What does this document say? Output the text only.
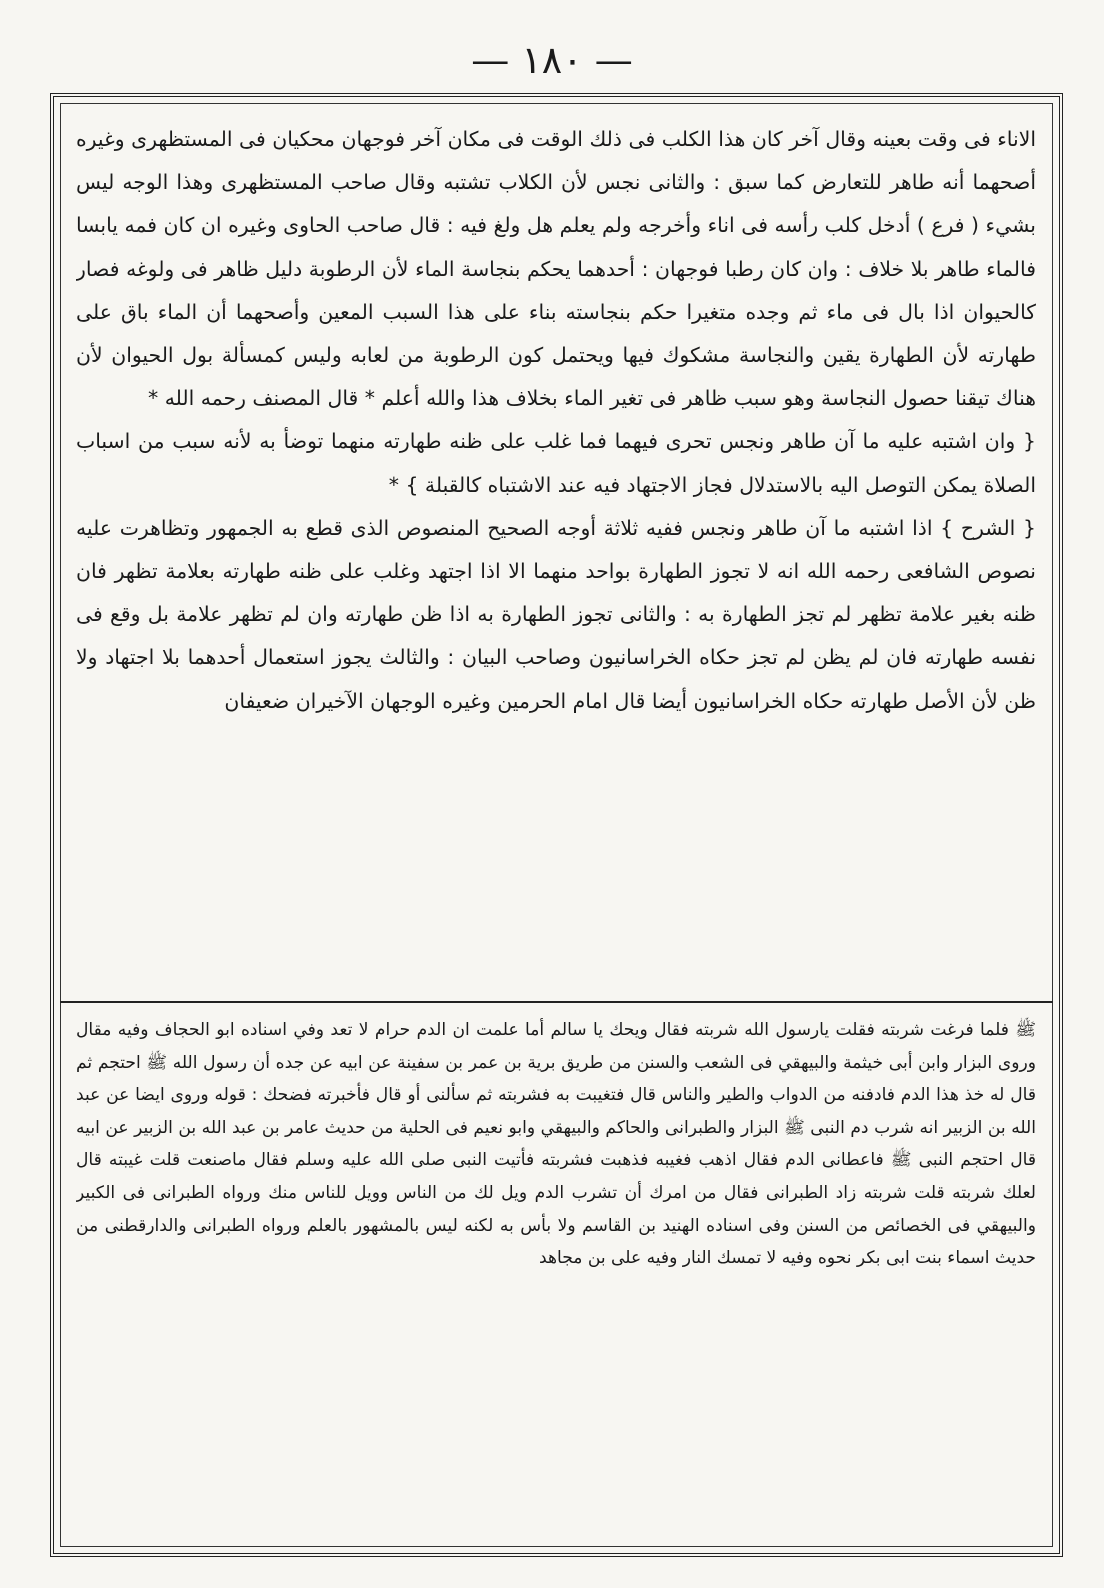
— ١٨٠ —

الاناء فى وقت بعينه وقال آخر كان هذا الكلب فى ذلك الوقت فى مكان آخر فوجهان محكيان فى المستظهرى وغيره أصحهما أنه طاهر للتعارض كما سبق : والثانى نجس لأن الكلاب تشتبه وقال صاحب المستظهرى وهذا الوجه ليس بشيء ( فرع ) أدخل كلب رأسه فى اناء وأخرجه ولم يعلم هل ولغ فيه : قال صاحب الحاوى وغيره ان كان فمه يابسا فالماء طاهر بلا خلاف : وان كان رطبا فوجهان : أحدهما يحكم بنجاسة الماء لأن الرطوبة دليل ظاهر فى ولوغه فصار كالحيوان اذا بال فى ماء ثم وجده متغيرا حكم بنجاسته بناء على هذا السبب المعين وأصحهما أن الماء باق على طهارته لأن الطهارة يقين والنجاسة مشكوك فيها ويحتمل كون الرطوبة من لعابه وليس كمسألة بول الحيوان لأن هناك تيقنا حصول النجاسة وهو سبب ظاهر فى تغير الماء بخلاف هذا والله أعلم * قال المصنف رحمه الله *

{ وان اشتبه عليه ما آن طاهر ونجس تحرى فيهما فما غلب على ظنه طهارته منهما توضأ به لأنه سبب من اسباب الصلاة يمكن التوصل اليه بالاستدلال فجاز الاجتهاد فيه عند الاشتباه كالقبلة } *

{ الشرح } اذا اشتبه ما آن طاهر ونجس ففيه ثلاثة أوجه الصحيح المنصوص الذى قطع به الجمهور وتظاهرت عليه نصوص الشافعى رحمه الله انه لا تجوز الطهارة بواحد منهما الا اذا اجتهد وغلب على ظنه طهارته بعلامة تظهر فان ظنه بغير علامة تظهر لم تجز الطهارة به : والثانى تجوز الطهارة به اذا ظن طهارته وان لم تظهر علامة بل وقع فى نفسه طهارته فان لم يظن لم تجز حكاه الخراسانيون وصاحب البيان : والثالث يجوز استعمال أحدهما بلا اجتهاد ولا ظن لأن الأصل طهارته حكاه الخراسانيون أيضا قال امام الحرمين وغيره الوجهان الآخيران ضعيفان

ﷺ فلما فرغت شربته فقلت يارسول الله شربته فقال ويحك يا سالم أما علمت ان الدم حرام لا تعد وفي اسناده ابو الحجاف وفيه مقال وروى البزار وابن أبى خيثمة والبيهقي فى الشعب والسنن من طريق برية بن عمر بن سفينة عن ابيه عن جده أن رسول الله ﷺ احتجم ثم قال له خذ هذا الدم فادفنه من الدواب والطير والناس قال فتغيبت به فشربته ثم سألنى أو قال فأخبرته فضحك : قوله وروى ايضا عن عبد الله بن الزبير انه شرب دم النبى ﷺ البزار والطبرانى والحاكم والبيهقي وابو نعيم فى الحلية من حديث عامر بن عبد الله بن الزبير عن ابيه قال احتجم النبى ﷺ فاعطانى الدم فقال اذهب فغيبه فذهبت فشربته فأتيت النبى صلى الله عليه وسلم فقال ماصنعت قلت غيبته قال لعلك شربته قلت شربته زاد الطبرانى فقال من امرك أن تشرب الدم ويل لك من الناس وويل للناس منك ورواه الطبرانى فى الكبير والبيهقي فى الخصائص من السنن وفى اسناده الهنيد بن القاسم ولا بأس به لكنه ليس بالمشهور بالعلم ورواه الطبرانى والدارقطنى من حديث اسماء بنت ابى بكر نحوه وفيه لا تمسك النار وفيه على بن مجاهد
